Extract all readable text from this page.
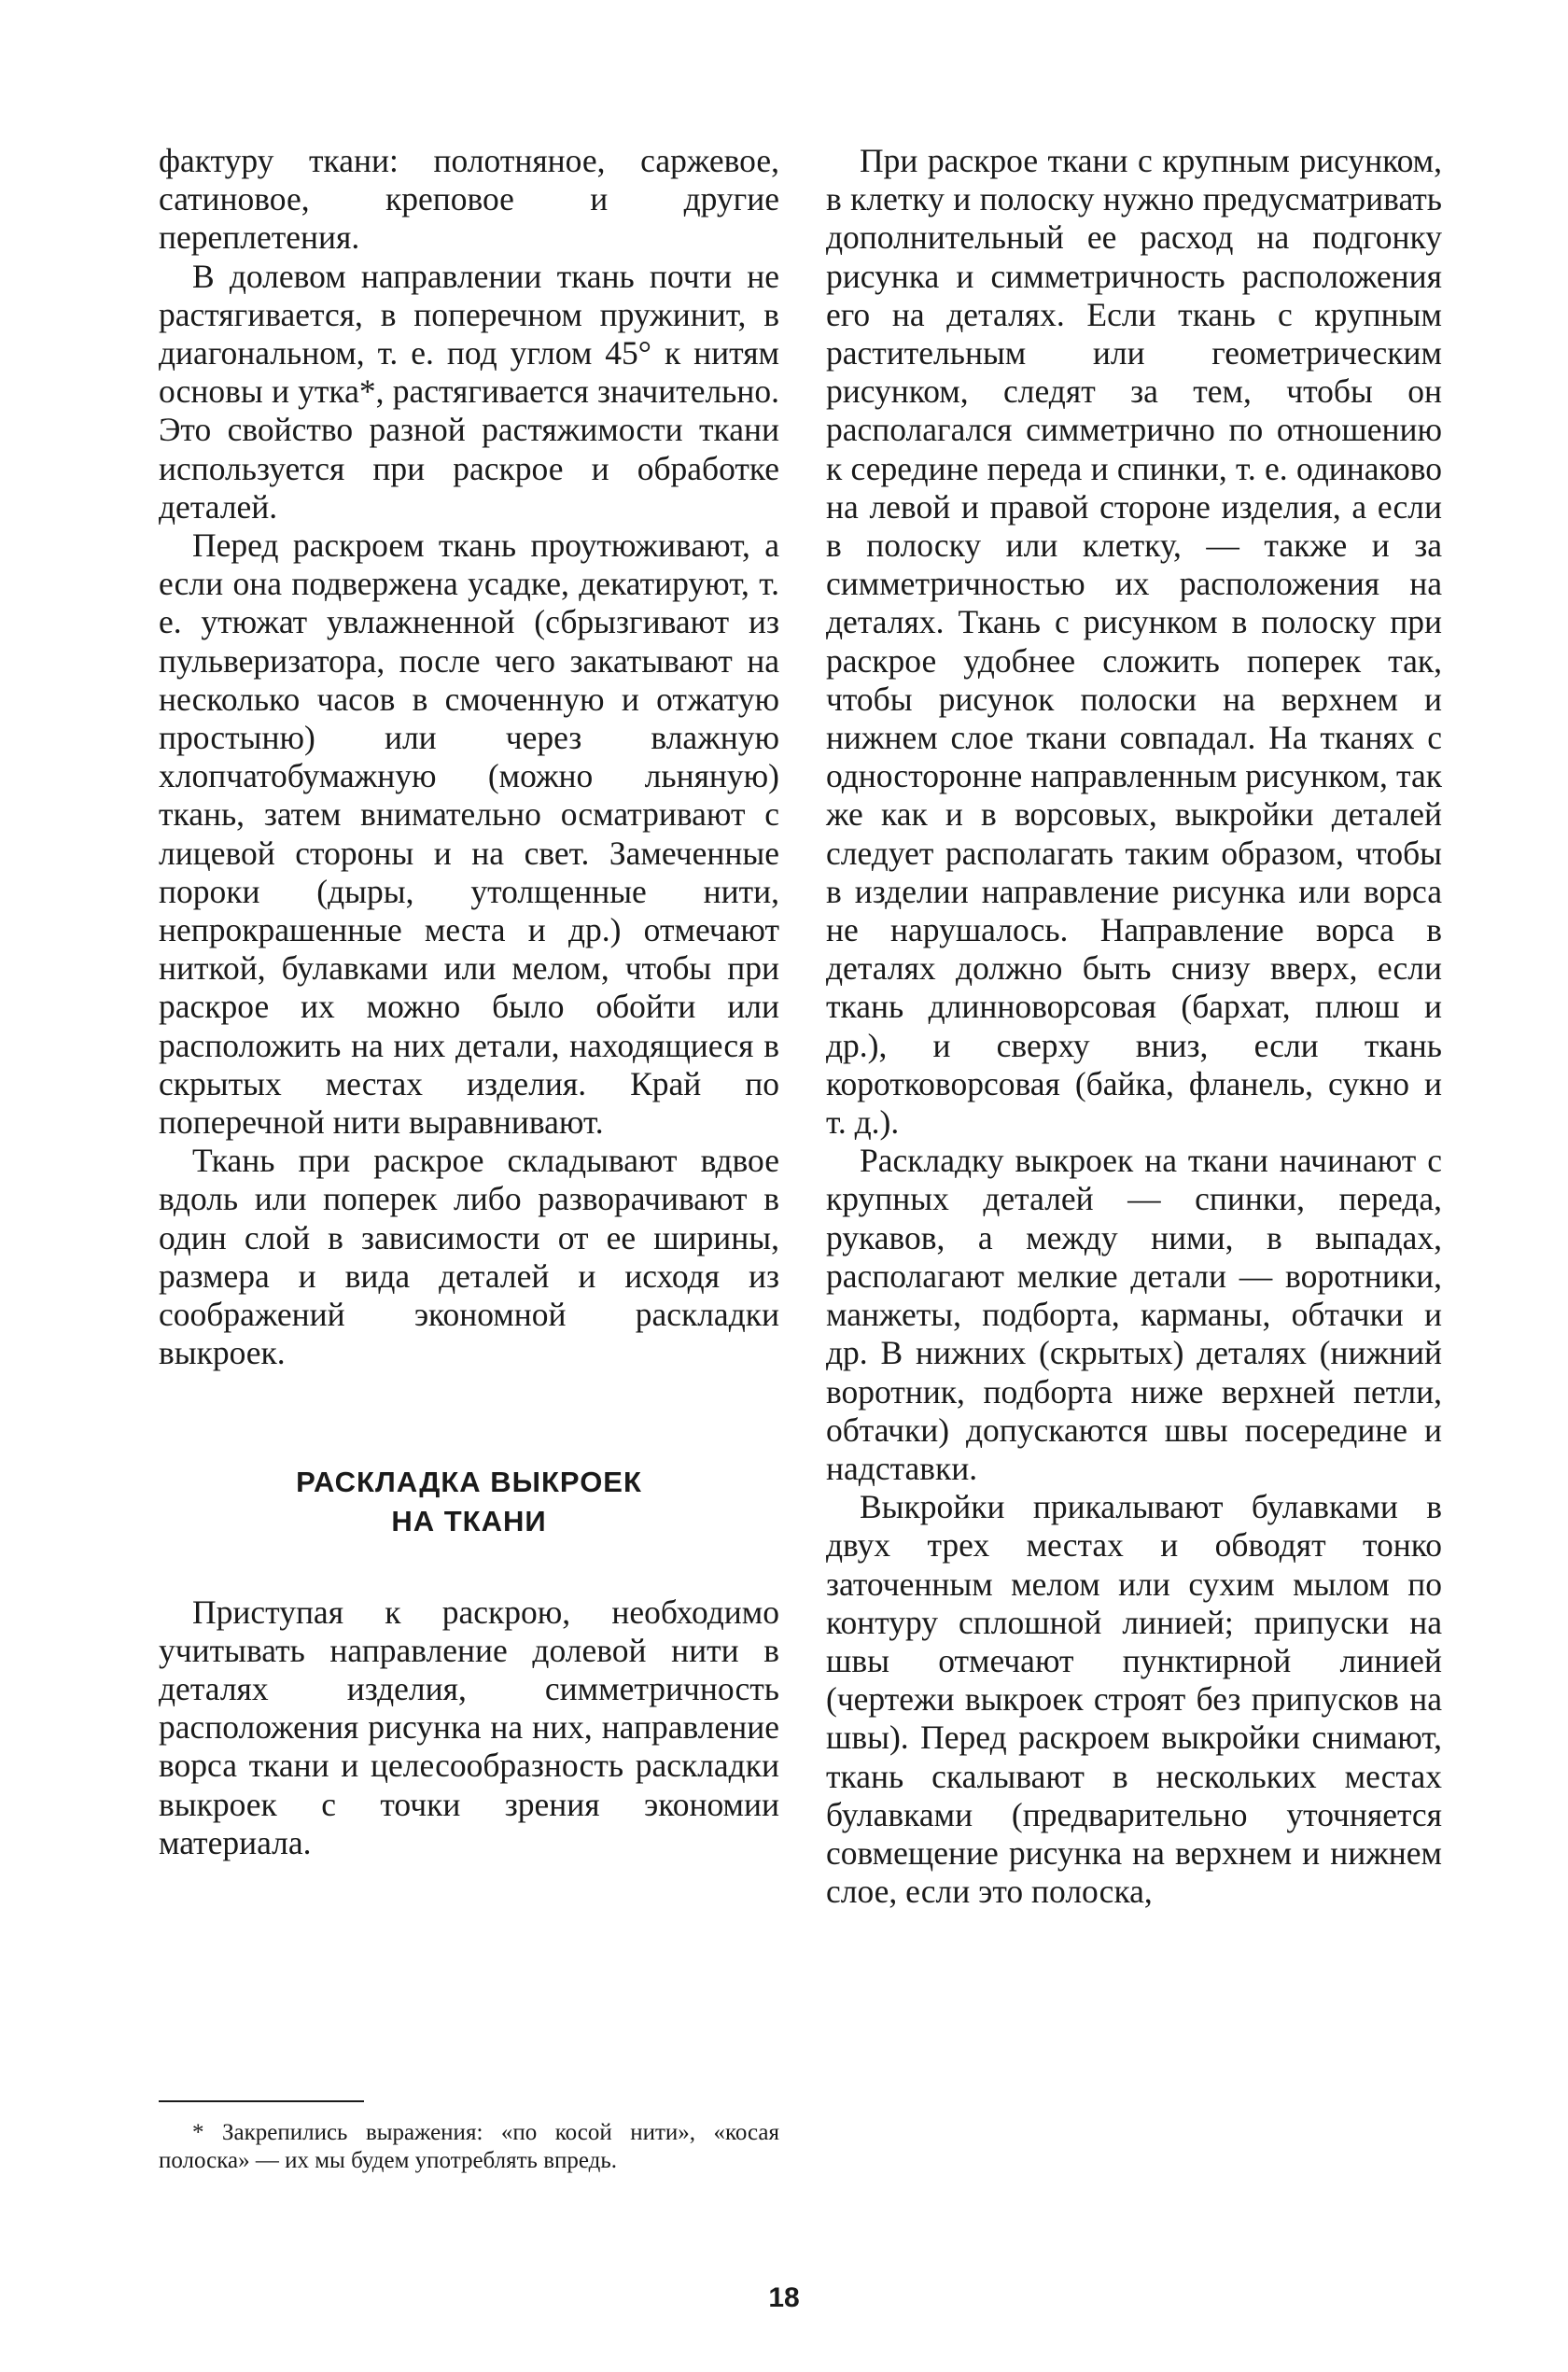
фактуру ткани: полотняное, саржевое, сатиновое, креповое и другие переплетения.

В долевом направлении ткань почти не растягивается, в поперечном пружинит, в диагональном, т. е. под углом 45° к нитям основы и утка*, растягивается значительно. Это свойство разной растяжимости ткани используется при раскрое и обработке деталей.

Перед раскроем ткань проутюживают, а если она подвержена усадке, декатируют, т. е. утюжат увлажненной (сбрызгивают из пульверизатора, после чего закатывают на несколько часов в смоченную и отжатую простыню) или через влажную хлопчатобумажную (можно льняную) ткань, затем внимательно осматривают с лицевой стороны и на свет. Замеченные пороки (дыры, утолщенные нити, непрокрашенные места и др.) отмечают ниткой, булавками или мелом, чтобы при раскрое их можно было обойти или расположить на них детали, находящиеся в скрытых местах изделия. Край по поперечной нити выравнивают.

Ткань при раскрое складывают вдвое вдоль или поперек либо разворачивают в один слой в зависимости от ее ширины, размера и вида деталей и исходя из соображений экономной раскладки выкроек.

РАСКЛАДКА ВЫКРОЕК
НА ТКАНИ

Приступая к раскрою, необходимо учитывать направление долевой нити в деталях изделия, симметричность расположения рисунка на них, направление ворса ткани и целесообразность раскладки выкроек с точки зрения экономии материала.

При раскрое ткани с крупным рисунком, в клетку и полоску нужно предусматривать дополнительный ее расход на подгонку рисунка и симметричность расположения его на деталях. Если ткань с крупным растительным или геометрическим рисунком, следят за тем, чтобы он располагался симметрично по отношению к середине переда и спинки, т. е. одинаково на левой и правой стороне изделия, а если в полоску или клетку, — также и за симметричностью их расположения на деталях. Ткань с рисунком в полоску при раскрое удобнее сложить поперек так, чтобы рисунок полоски на верхнем и нижнем слое ткани совпадал. На тканях с односторонне направленным рисунком, так же как и в ворсовых, выкройки деталей следует располагать таким образом, чтобы в изделии направление рисунка или ворса не нарушалось. Направление ворса в деталях должно быть снизу вверх, если ткань длинноворсовая (бархат, плюш и др.), и сверху вниз, если ткань коротковорсовая (байка, фланель, сукно и т. д.).

Раскладку выкроек на ткани начинают с крупных деталей — спинки, переда, рукавов, а между ними, в выпадах, располагают мелкие детали — воротники, манжеты, подборта, карманы, обтачки и др. В нижних (скрытых) деталях (нижний воротник, подборта ниже верхней петли, обтачки) допускаются швы посередине и надставки.

Выкройки прикалывают булавками в двух трех местах и обводят тонко заточенным мелом или сухим мылом по контуру сплошной линией; припуски на швы отмечают пунктирной линией (чертежи выкроек строят без припусков на швы). Перед раскроем выкройки снимают, ткань скалывают в нескольких местах булавками (предварительно уточняется совмещение рисунка на верхнем и нижнем слое, если это полоска,

* Закрепились выражения: «по косой нити», «косая полоска» — их мы будем употреблять впредь.

18
